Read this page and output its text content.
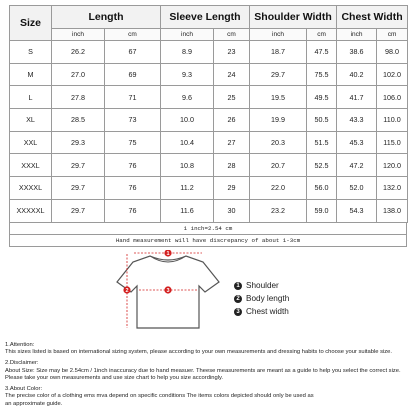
Size	Length		Sleeve Length		Shoulder Width		Chest Width	
	inch	cm	inch	cm	inch	cm	inch	cm
S	26.2	67	8.9	23	18.7	47.5	38.6	98.0
M	27.0	69	9.3	24	29.7	75.5	40.2	102.0
L	27.8	71	9.6	25	19.5	49.5	41.7	106.0
XL	28.5	73	10.0	26	19.9	50.5	43.3	110.0
XXL	29.3	75	10.4	27	20.3	51.5	45.3	115.0
XXXL	29.7	76	10.8	28	20.7	52.5	47.2	120.0
XXXXL	29.7	76	11.2	29	22.0	56.0	52.0	132.0
XXXXXL	29.7	76	11.6	30	23.2	59.0	54.3	138.0
1 inch=2.54 cm
Hand measurement will have discrepancy of about 1-3cm
1
2	3
1 Shoulder
2 Body length
3 Chest width
1.Attention:
This sizes listed is based on international sizing system, please according to your own measurements and dressing habits to choose your suitable size.
2.Disclaimer:
About Size: Size may be 2.54cm / 1inch inaccuracy due to hand measuer. Theese measurements are meant as a guide to help you select the correct size.
Please take your own measurements and use size chart to help you size accordingly.
3.About Color:
The precise color of a clothing ems mva depend on specific conditions The items colors depicted should only be used as
an approximate guide.
